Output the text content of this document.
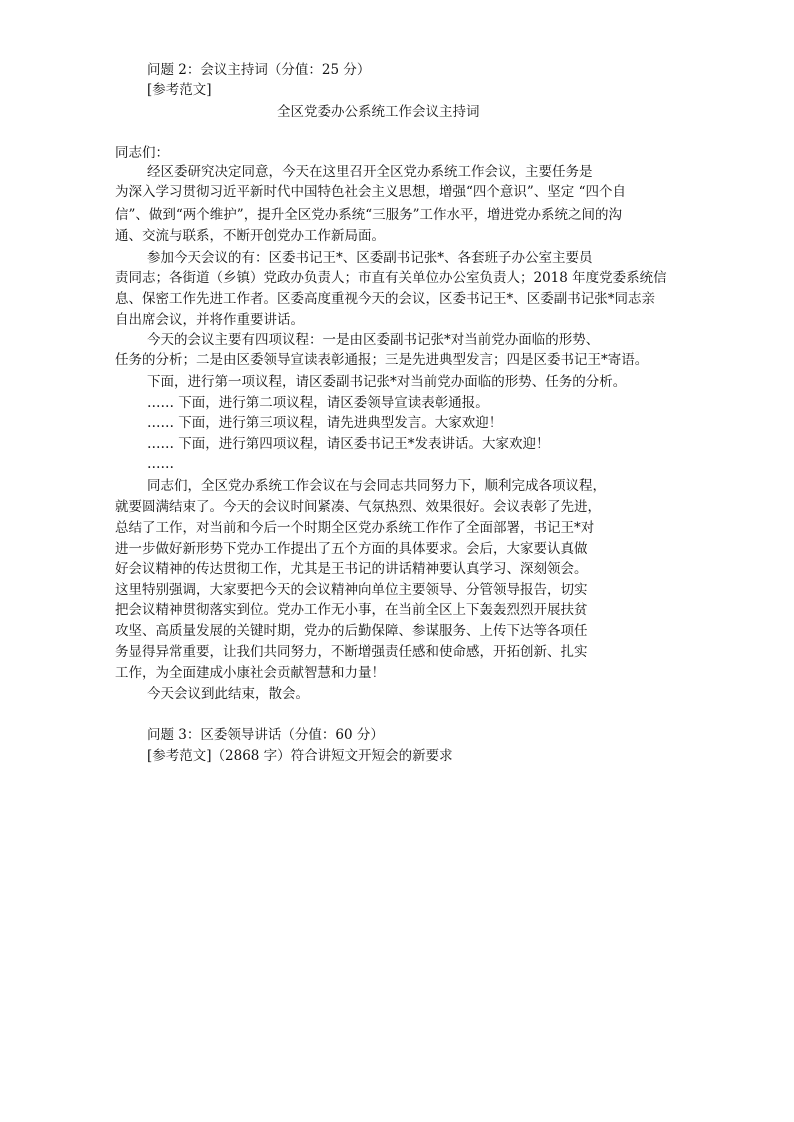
问题 2：会议主持词（分值：25 分）

[参考范文]

全区党委办公系统工作会议主持词

同志们：

经区委研究决定同意，今天在这里召开全区党办系统工作会议，主要任务是

为深入学习贯彻习近平新时代中国特色社会主义思想，增强“四个意识”、坚定 “四个自

信”、做到“两个维护”，提升全区党办系统“三服务”工作水平，增进党办系统之间的沟

通、交流与联系，不断开创党办工作新局面。

参加今天会议的有：区委书记王*、区委副书记张*、各套班子办公室主要员

责同志；各街道（乡镇）党政办负责人；市直有关单位办公室负责人；2018 年度党委系统信

息、保密工作先进工作者。区委高度重视今天的会议，区委书记王*、区委副书记张*同志亲

自出席会议，并将作重要讲话。

今天的会议主要有四项议程：一是由区委副书记张*对当前党办面临的形势、

任务的分析；二是由区委领导宣读表彰通报；三是先进典型发言；四是区委书记王*寄语。

下面，进行第一项议程，请区委副书记张*对当前党办面临的形势、任务的分析。

…… 下面，进行第二项议程，请区委领导宣读表彰通报。

…… 下面，进行第三项议程，请先进典型发言。大家欢迎！

…… 下面，进行第四项议程，请区委书记王*发表讲话。大家欢迎！

……

同志们，全区党办系统工作会议在与会同志共同努力下，顺利完成各项议程，

就要圆满结束了。今天的会议时间紧凑、气氛热烈、效果很好。会议表彰了先进，

总结了工作，对当前和今后一个时期全区党办系统工作作了全面部署，书记王*对

进一步做好新形势下党办工作提出了五个方面的具体要求。会后，大家要认真做

好会议精神的传达贯彻工作，尤其是王书记的讲话精神要认真学习、深刻领会。

这里特别强调，大家要把今天的会议精神向单位主要领导、分管领导报告，切实

把会议精神贯彻落实到位。党办工作无小事，在当前全区上下轰轰烈烈开展扶贫

攻坚、高质量发展的关键时期，党办的后勤保障、参谋服务、上传下达等各项任

务显得异常重要，让我们共同努力，不断增强责任感和使命感，开拓创新、扎实

工作，为全面建成小康社会贡献智慧和力量！

今天会议到此结束，散会。

问题 3：区委领导讲话（分值：60 分）

[参考范文]（2868 字）符合讲短文开短会的新要求
